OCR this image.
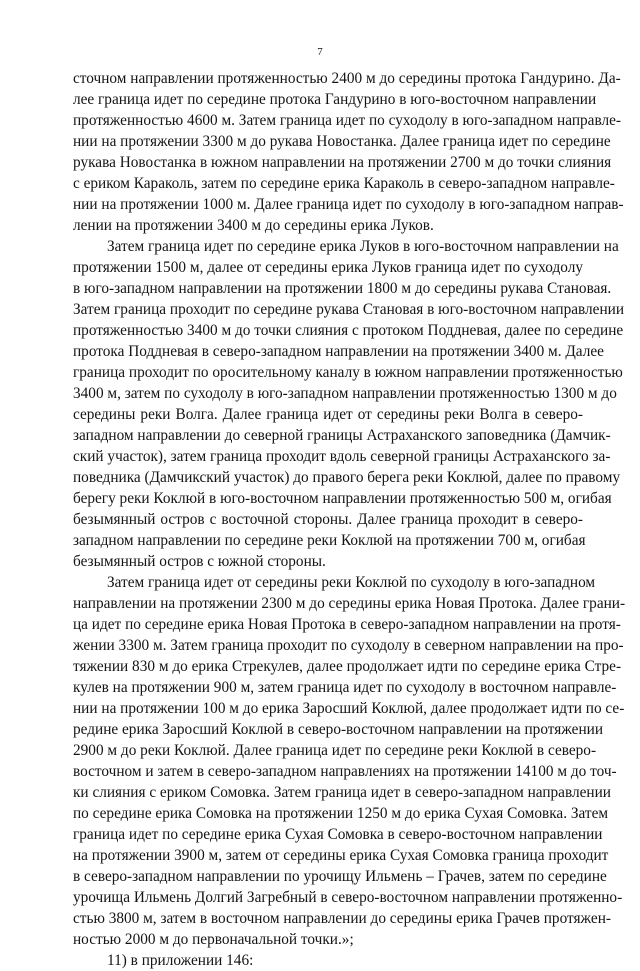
7
сточном направлении протяженностью 2400 м до середины протока Гандурино. Да-
лее граница идет по середине протока Гандурино в юго-восточном направлении
протяженностью 4600 м. Затем граница идет по суходолу в юго-западном направле-
нии на протяжении 3300 м до рукава Новостанка. Далее граница идет по середине
рукава Новостанка в южном направлении на протяжении 2700 м до точки слияния
с ериком Караколь, затем по середине ерика Караколь в северо-западном направле-
нии на протяжении 1000 м. Далее граница идет по суходолу в юго-западном направ-
лении на протяжении 3400 м до середины ерика Луков.
Затем граница идет по середине ерика Луков в юго-восточном направлении на
протяжении 1500 м, далее от середины ерика Луков граница идет по суходолу
в юго-западном направлении на протяжении 1800 м до середины рукава Становая.
Затем граница проходит по середине рукава Становая в юго-восточном направлении
протяженностью 3400 м до точки слияния с протоком Поддневая, далее по середине
протока Поддневая в северо-западном направлении на протяжении 3400 м. Далее
граница проходит по оросительному каналу в южном направлении протяженностью
3400 м, затем по суходолу в юго-западном направлении протяженностью 1300 м до
середины реки Волга. Далее граница идет от середины реки Волга в северо-
западном направлении до северной границы Астраханского заповедника (Дамчик-
ский участок), затем граница проходит вдоль северной границы Астраханского за-
поведника (Дамчикский участок) до правого берега реки Коклюй, далее по правому
берегу реки Коклюй в юго-восточном направлении протяженностью 500 м, огибая
безымянный остров с восточной стороны. Далее граница проходит в северо-
западном направлении по середине реки Коклюй на протяжении 700 м, огибая
безымянный остров с южной стороны.
Затем граница идет от середины реки Коклюй по суходолу в юго-западном
направлении на протяжении 2300 м до середины ерика Новая Протока. Далее грани-
ца идет по середине ерика Новая Протока в северо-западном направлении на протя-
жении 3300 м. Затем граница проходит по суходолу в северном направлении на про-
тяжении 830 м до ерика Стрекулев, далее продолжает идти по середине ерика Стре-
кулев на протяжении 900 м, затем граница идет по суходолу в восточном направле-
нии на протяжении 100 м до ерика Заросший Коклюй, далее продолжает идти по се-
редине ерика Заросший Коклюй в северо-восточном направлении на протяжении
2900 м до реки Коклюй. Далее граница идет по середине реки Коклюй в северо-
восточном и затем в северо-западном направлениях на протяжении 14100 м до точ-
ки слияния с ериком Сомовка. Затем граница идет в северо-западном направлении
по середине ерика Сомовка на протяжении 1250 м до ерика Сухая Сомовка. Затем
граница идет по середине ерика Сухая Сомовка в северо-восточном направлении
на протяжении 3900 м, затем от середины ерика Сухая Сомовка граница проходит
в северо-западном направлении по урочищу Ильмень – Грачев, затем по середине
урочища Ильмень Долгий Загребный в северо-восточном направлении протяженно-
стью 3800 м, затем в восточном направлении до середины ерика Грачев протяжен-
ностью 2000 м до первоначальной точки.»;
11) в приложении 146:
